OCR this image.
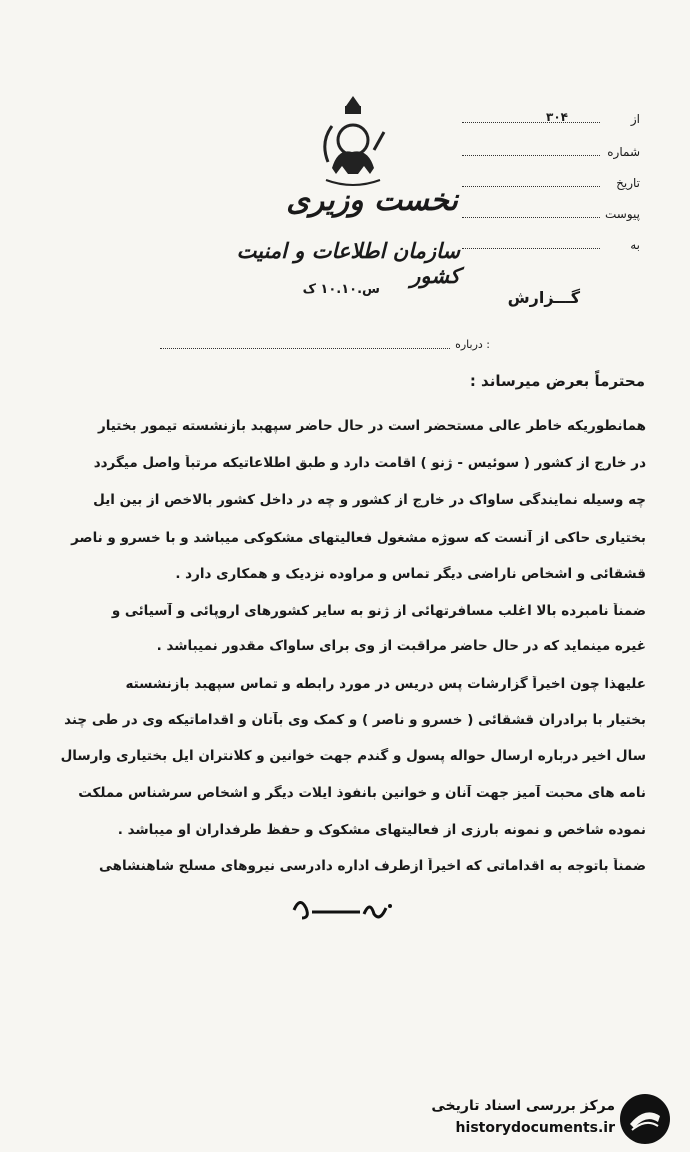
از
۳۰۴
شماره
تاریخ
پیوست
به
نخست وزیری
سازمان اطلاعات و امنیت کشور
س.۱۰.۱۰ ک	گـــزارش
درباره :
محترماً بعرض میرساند :
همانطوریکه خاطر عالی مستحضر است در حال حاضر سپهبد بازنشسته تیمور بختیار
در خارج از کشور ( سوئیس - ژنو ) اقامت دارد و طبق اطلاعاتیکه مرتباً واصل میگردد
چه وسیله نمایندگی ساواک در خارج از کشور و چه در داخل کشور بالاخص از بین ایل
بختیاری حاکی از آنست که سوژه مشغول فعالیتهای مشکوکی میباشد و با خسرو و ناصر
قشقائی و اشخاص ناراضی دیگر تماس و مراوده نزدیک و همکاری دارد .
ضمناً نامبرده بالا اغلب مسافرتهائی از ژنو به سایر کشورهای اروپائی و آسیائی و
غیره مینماید که در حال حاضر مراقبت از وی برای ساواک مقدور نمیباشد .
علیهذا چون اخیراً گزارشات پس دریس در مورد رابطه و تماس سپهبد بازنشسته
بختیار با برادران قشقائی ( خسرو و ناصر ) و کمک وی بآنان و اقداماتیکه وی در طی چند
سال اخیر درباره ارسال حواله پسول و گندم جهت خوانین و کلانتران ایل بختیاری وارسال
نامه های محبت آمیز جهت آنان و خوانین بانفوذ ایلات دیگر و اشخاص سرشناس مملکت
نموده شاخص و نمونه بارزی از فعالیتهای مشکوک و حفظ طرفداران او میباشد .
ضمناً باتوجه به اقداماتی که اخیراً ازطرف اداره دادرسی نیروهای مسلح شاهنشاهی
مرکز بررسی اسناد تاریخی
historydocuments.ir
